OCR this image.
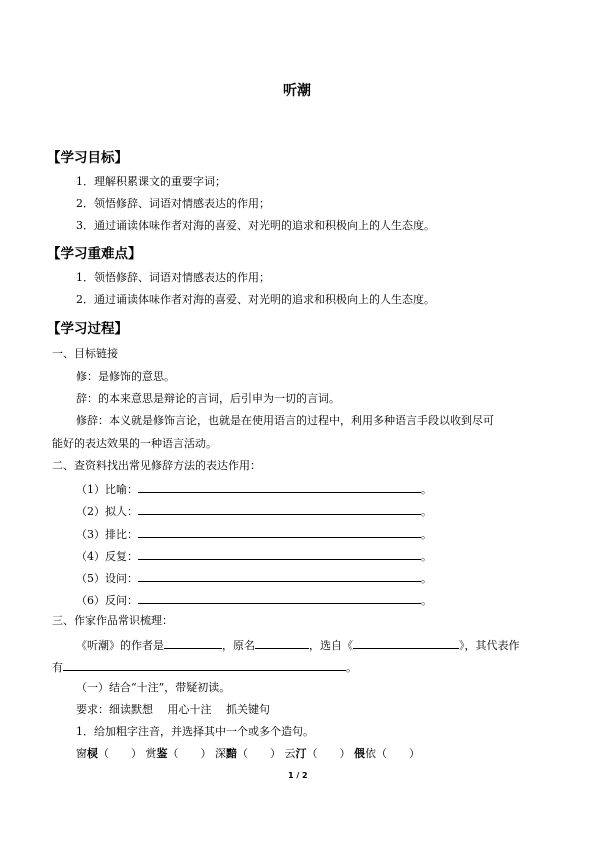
听潮
【学习目标】
1．理解积累课文的重要字词；
2．领悟修辞、词语对情感表达的作用；
3．通过诵读体味作者对海的喜爱、对光明的追求和积极向上的人生态度。
【学习重难点】
1．领悟修辞、词语对情感表达的作用；
2．通过诵读体味作者对海的喜爱、对光明的追求和积极向上的人生态度。
【学习过程】
一、目标链接
修：是修饰的意思。
辞：的本来意思是辩论的言词，后引申为一切的言词。
修辞：本义就是修饰言论，也就是在使用语言的过程中，利用多种语言手段以收到尽可
能好的表达效果的一种语言活动。
二、查资料找出常见修辞方法的表达作用：
（1）比喻：	。
（2）拟人：	。
（3）排比：	。
（4）反复：	。
（5）设问：	。
（6）反问：	。
三、作家作品常识梳理：
《听潮》的作者是	，原名	，选自《	》，其代表作
有	。
（一）结合“十注”，带疑初读。
要求：细读默想　 用心十注　 抓关键句
1．给加粗字注音，并选择其中一个或多个造句。
窗棂（　　） 赏鉴（　　） 深黯（　　） 云汀（　　） 偎依（　　）
1 / 2
